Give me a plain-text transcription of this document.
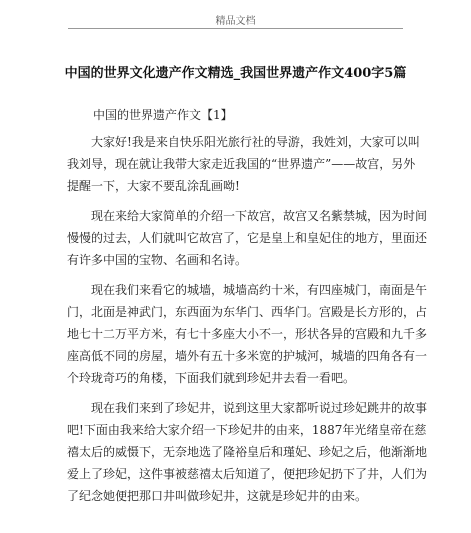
精品文档
中国的世界文化遗产作文精选_我国世界遗产作文400字5篇
中国的世界遗产作文【1】
大家好!我是来自快乐阳光旅行社的导游，我姓刘，大家可以叫
我刘导，现在就让我带大家走近我国的“世界遗产”——故宫，另外
提醒一下，大家不要乱涂乱画呦!
现在来给大家简单的介绍一下故宫，故宫又名紫禁城，因为时间
慢慢的过去，人们就叫它故宫了，它是皇上和皇妃住的地方，里面还
有许多中国的宝物、名画和名诗。
现在我们来看它的城墙，城墙高约十米，有四座城门，南面是午
门，北面是神武门，东西面为东华门、西华门。宫殿是长方形的，占
地七十二万平方米，有七十多座大小不一，形状各异的宫殿和九千多
座高低不同的房屋，墙外有五十多米宽的护城河，城墙的四角各有一
个玲珑奇巧的角楼，下面我们就到珍妃井去看一看吧。
现在我们来到了珍妃井，说到这里大家都听说过珍妃跳井的故事
吧!下面由我来给大家介绍一下珍妃井的由来，1887年光绪皇帝在慈
禧太后的威慑下，无奈地选了隆裕皇后和瑾妃、珍妃之后，他渐渐地
爱上了珍妃，这件事被慈禧太后知道了，便把珍妃扔下了井，人们为
了纪念她便把那口井叫做珍妃井，这就是珍妃井的由来。
